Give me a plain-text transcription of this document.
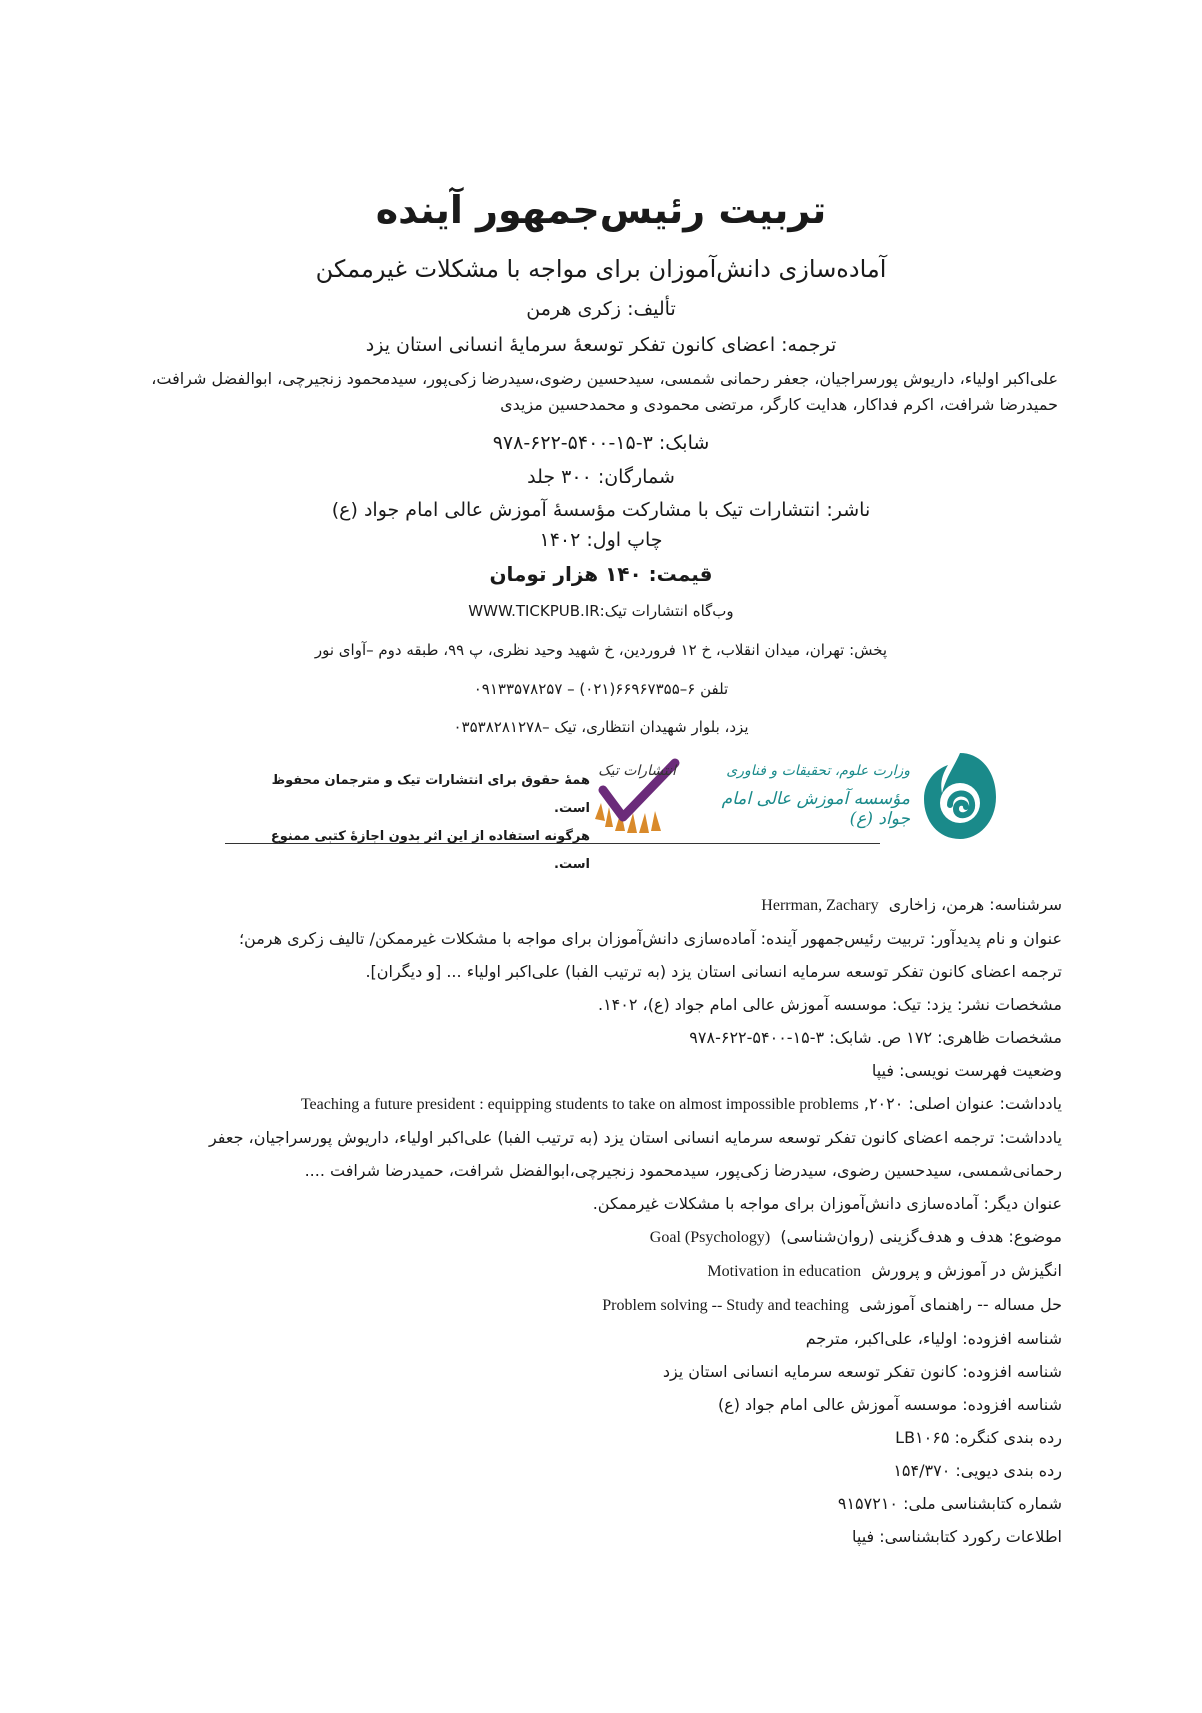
تربیت رئیس‌جمهور آینده
آماده‌سازی دانش‌آموزان برای مواجه با مشکلات غیرممکن
تألیف: زکری هرمن
ترجمه: اعضای کانون تفکر توسعهٔ سرمایهٔ انسانی استان یزد
علی‌اکبر اولیاء، داریوش پورسراجیان، جعفر رحمانی شمسی، سیدحسین رضوی،سیدرضا زکی‌پور، سیدمحمود زنجیرچی، ابوالفضل شرافت،
حمیدرضا شرافت، اکرم فداکار، هدایت کارگر، مرتضی محمودی و محمدحسین مزیدی
شابک: ۳-۱۵-۵۴۰۰-۶۲۲-۹۷۸
شمارگان: ۳۰۰ جلد
ناشر: انتشارات تیک با مشارکت مؤسسهٔ آموزش عالی امام جواد (ع)
چاپ اول: ۱۴۰۲
قیمت: ۱۴۰ هزار تومان
وب‌گاه انتشارات تیک:WWW.TICKPUB.IR
پخش: تهران، میدان انقلاب، خ ۱۲ فروردین، خ شهید وحید نظری، پ ۹۹، طبقه دوم –آوای نور
تلفن ۶–۶۶۹۶۷۳۵۵(۰۲۱) – ۰۹۱۳۳۵۷۸۲۵۷
یزد، بلوار شهیدان انتظاری، تیک –۰۳۵۳۸۲۸۱۲۷۸
همهٔ حقوق برای انتشارات تیک و مترجمان محفوظ است.
هرگونه استفاده از این اثر بدون اجازهٔ کتبی ممنوع است.
انتشارات تیک	وزارت علوم، تحقیقات و فناوری
مؤسسه آموزش عالی امام جواد (ع)
سرشناسه: هرمن، زاخاری  Herrman, Zachary
عنوان و نام پدیدآور: تربیت رئیس‌جمهور آینده: آماده‌سازی دانش‌آموزان برای مواجه با مشکلات غیرممکن/ تالیف زکری هرمن؛
ترجمه اعضای کانون تفکر توسعه سرمایه انسانی استان یزد (به ترتیب الفبا) علی‌اکبر اولیاء ... [و دیگران].
مشخصات نشر: یزد: تیک: موسسه آموزش عالی امام جواد (ع)، ۱۴۰۲.
مشخصات ظاهری: ۱۷۲ ص. شابک: ۳-۱۵-۵۴۰۰-۶۲۲-۹۷۸
وضعیت فهرست نویسی: فیپا
یادداشت: عنوان اصلی: ۲۰۲۰, Teaching a future president : equipping students to take on almost impossible problems
یادداشت: ترجمه اعضای کانون تفکر توسعه سرمایه انسانی استان یزد (به ترتیب الفبا) علی‌اکبر اولیاء، داریوش پورسراجیان، جعفر
رحمانی‌شمسی، سیدحسین رضوی، سیدرضا زکی‌پور، سیدمحمود زنجیرچی،ابوالفضل شرافت، حمیدرضا شرافت ....
عنوان دیگر: آماده‌سازی دانش‌آموزان برای مواجه با مشکلات غیرممکن.
موضوع: هدف و هدف‌گزینی (روان‌شناسی)  Goal (Psychology)
انگیزش در آموزش و پرورش  Motivation in education
حل مساله -- راهنمای آموزشی  Problem solving -- Study and teaching
شناسه افزوده: اولیاء، علی‌اکبر، مترجم
شناسه افزوده: کانون تفکر توسعه سرمایه انسانی استان یزد
شناسه افزوده: موسسه آموزش عالی امام جواد (ع)
رده بندی کنگره: LB۱۰۶۵
رده بندی دیویی: ۱۵۴/۳۷۰
شماره کتابشناسی ملی: ۹۱۵۷۲۱۰
اطلاعات رکورد کتابشناسی: فیپا
